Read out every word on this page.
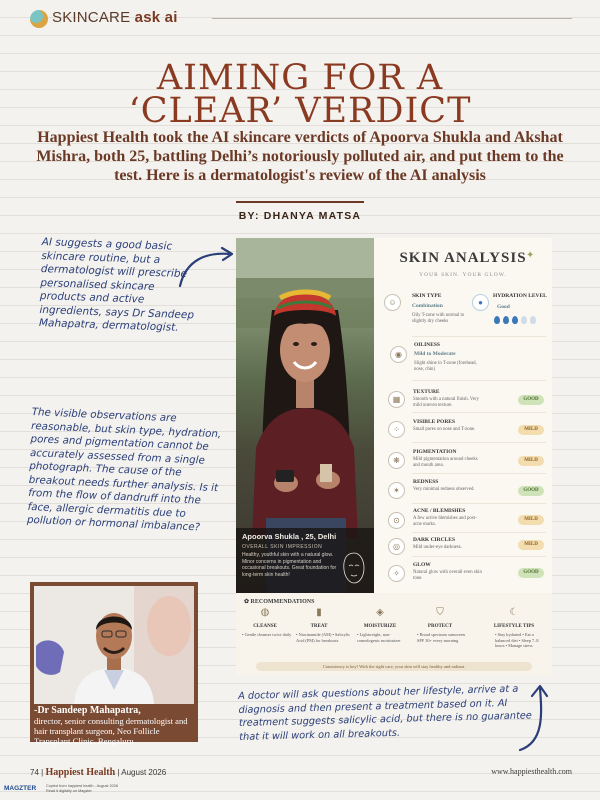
SKINCARE ask ai
AIMING FOR A
‘CLEAR’ VERDICT
Happiest Health took the AI skincare verdicts of Apoorva Shukla and Akshat Mishra, both 25, battling Delhi’s notoriously polluted air, and put them to the test. Here is a dermatologist's review of the AI analysis
BY: DHANYA MATSA
AI suggests a good basic skincare routine, but a dermatologist will prescribe personalised skincare products and active ingredients, says Dr Sandeep Mahapatra, dermatologist.
The visible observations are reasonable, but skin type, hydration, pores and pigmentation cannot be accurately assessed from a single photograph. The cause of the breakout needs further analysis. Is it from the flow of dandruff into the face, allergic dermatitis due to pollution or hormonal imbalance?
Apoorva Shukla , 25, Delhi
OVERALL SKIN IMPRESSION
Healthy, youthful skin with a natural glow. Minor concerns in pigmentation and occasional breakouts. Great foundation for long-term skin health!
SKIN ANALYSIS ✦
YOUR SKIN. YOUR GLOW.
☺
SKIN TYPE
Combination
Oily T-zone with normal to slightly dry cheeks
●
HYDRATION LEVEL
Good
◉
OILINESS
Mild to Moderate
Slight shine in T-zone (forehead, nose, chin)
▦
TEXTURE
Smooth with a natural finish. Very mild uneven texture.
GOOD
⁘
VISIBLE PORES
Small pores on nose and T-zone.	MILD
❋
PIGMENTATION
Mild pigmentation around cheeks and mouth area.
MILD
✶
REDNESS
Very minimal redness observed.	GOOD
⊙
ACNE / BLEMISHES
A few active blemishes and post-acne marks.
MILD
◎
DARK CIRCLES
Mild under-eye darkness.
MILD
✧
GLOW
Natural glow with overall even skin tone.
GOOD
✿ RECOMMENDATIONS
◍
CLEANSE
• Gentle cleanser twice daily
▮
TREAT
• Niacinamide (AM) • Salicylic Acid (PM) for breakouts
◈
MOISTURIZE
• Lightweight, non-comedogenic moisturizer
⛉
PROTECT
• Broad spectrum sunscreen SPF 30+ every morning
☾
LIFESTYLE TIPS
• Stay hydrated • Eat a balanced diet • Sleep 7–8 hours • Manage stress
Consistency is key! With the right care, your skin will stay healthy and radiant.
-Dr Sandeep Mahapatra,
director, senior consulting dermatologist and hair transplant surgeon, Neo Follicle Transplant Clinic, Bengaluru
A doctor will ask questions about her lifestyle, arrive at a diagnosis and then present a treatment based on it. AI treatment suggests salicylic acid, but there is no guarantee that it will work on all breakouts.
74 | Happiest Health | August 2026	www.happiesthealth.com
MAGZTER	Copied from happiest health - August 2026
Read it digitally on Magzter
